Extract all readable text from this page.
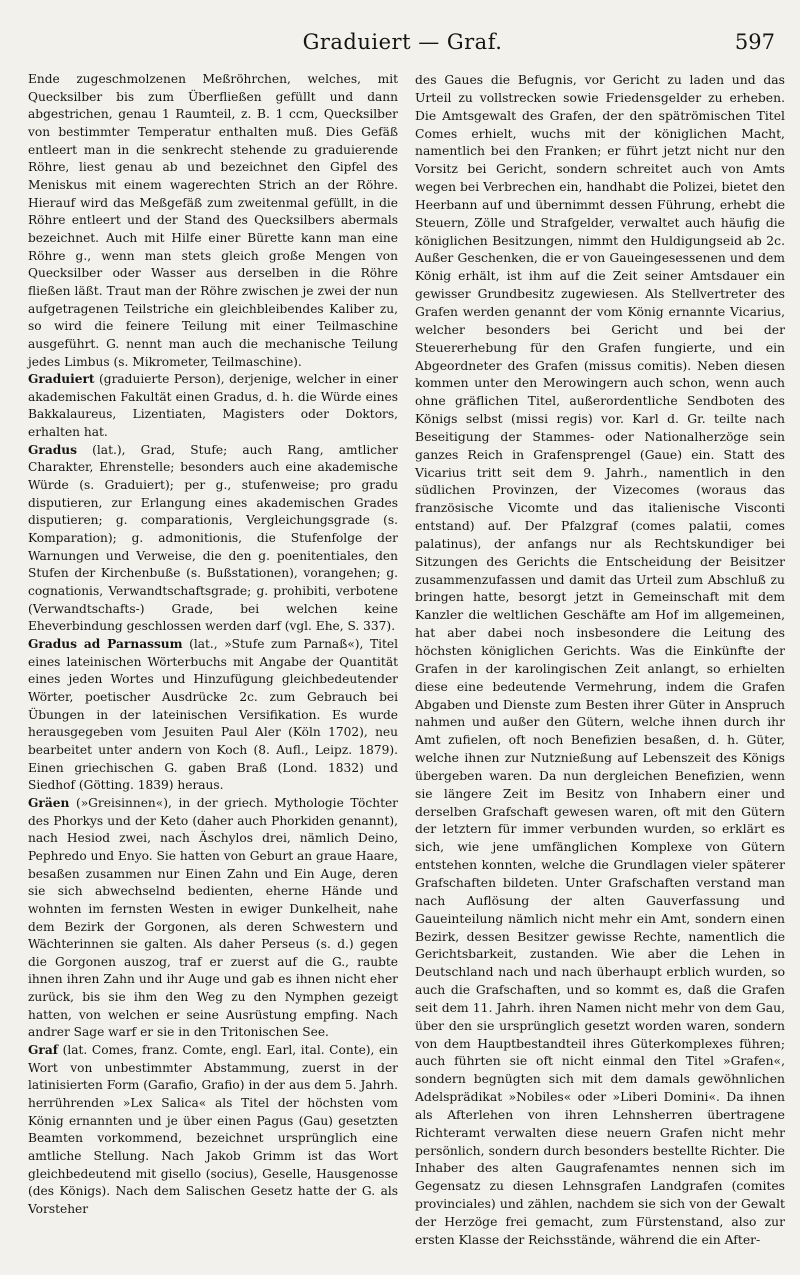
Graduiert — Graf.	597

Ende zugeschmolzenen Meßröhrchen, welches, mit Quecksilber bis zum Überfließen gefüllt und dann abgestrichen, genau 1 Raumteil, z. B. 1 ccm, Quecksilber von bestimmter Temperatur enthalten muß. Dies Gefäß entleert man in die senkrecht stehende zu graduierende Röhre, liest genau ab und bezeichnet den Gipfel des Meniskus mit einem wagerechten Strich an der Röhre. Hierauf wird das Meßgefäß zum zweitenmal gefüllt, in die Röhre entleert und der Stand des Quecksilbers abermals bezeichnet. Auch mit Hilfe einer Bürette kann man eine Röhre g., wenn man stets gleich große Mengen von Quecksilber oder Wasser aus derselben in die Röhre fließen läßt. Traut man der Röhre zwischen je zwei der nun aufgetragenen Teilstriche ein gleichbleibendes Kaliber zu, so wird die feinere Teilung mit einer Teilmaschine ausgeführt. G. nennt man auch die mechanische Teilung jedes Limbus (s. Mikrometer, Teilmaschine).

Graduiert (graduierte Person), derjenige, welcher in einer akademischen Fakultät einen Gradus, d. h. die Würde eines Bakkalaureus, Lizentiaten, Magisters oder Doktors, erhalten hat.

Gradus (lat.), Grad, Stufe; auch Rang, amtlicher Charakter, Ehrenstelle; besonders auch eine akademische Würde (s. Graduiert); per g., stufenweise; pro gradu disputieren, zur Erlangung eines akademischen Grades disputieren; g. comparationis, Vergleichungsgrade (s. Komparation); g. admonitionis, die Stufenfolge der Warnungen und Verweise, die den g. poenitentiales, den Stufen der Kirchenbuße (s. Bußstationen), vorangehen; g. cognationis, Verwandtschaftsgrade; g. prohibiti, verbotene (Verwandtschafts-) Grade, bei welchen keine Eheverbindung geschlossen werden darf (vgl. Ehe, S. 337).

Gradus ad Parnassum (lat., »Stufe zum Parnaß«), Titel eines lateinischen Wörterbuchs mit Angabe der Quantität eines jeden Wortes und Hinzufügung gleichbedeutender Wörter, poetischer Ausdrücke 2c. zum Gebrauch bei Übungen in der lateinischen Versifikation. Es wurde herausgegeben vom Jesuiten Paul Aler (Köln 1702), neu bearbeitet unter andern von Koch (8. Aufl., Leipz. 1879). Einen griechischen G. gaben Braß (Lond. 1832) und Siedhof (Götting. 1839) heraus.

Gräen (»Greisinnen«), in der griech. Mythologie Töchter des Phorkys und der Keto (daher auch Phorkiden genannt), nach Hesiod zwei, nach Äschylos drei, nämlich Deino, Pephredo und Enyo. Sie hatten von Geburt an graue Haare, besaßen zusammen nur Einen Zahn und Ein Auge, deren sie sich abwechselnd bedienten, eherne Hände und wohnten im fernsten Westen in ewiger Dunkelheit, nahe dem Bezirk der Gorgonen, als deren Schwestern und Wächterinnen sie galten. Als daher Perseus (s. d.) gegen die Gorgonen auszog, traf er zuerst auf die G., raubte ihnen ihren Zahn und ihr Auge und gab es ihnen nicht eher zurück, bis sie ihm den Weg zu den Nymphen gezeigt hatten, von welchen er seine Ausrüstung empfing. Nach andrer Sage warf er sie in den Tritonischen See.

Graf (lat. Comes, franz. Comte, engl. Earl, ital. Conte), ein Wort von unbestimmter Abstammung, zuerst in der latinisierten Form (Garafio, Grafio) in der aus dem 5. Jahrh. herrührenden »Lex Salica« als Titel der höchsten vom König ernannten und je über einen Pagus (Gau) gesetzten Beamten vorkommend, bezeichnet ursprünglich eine amtliche Stellung. Nach Jakob Grimm ist das Wort gleichbedeutend mit gisello (socius), Geselle, Hausgenosse (des Königs). Nach dem Salischen Gesetz hatte der G. als Vorsteher

des Gaues die Befugnis, vor Gericht zu laden und das Urteil zu vollstrecken sowie Friedensgelder zu erheben. Die Amtsgewalt des Grafen, der den spätrömischen Titel Comes erhielt, wuchs mit der königlichen Macht, namentlich bei den Franken; er führt jetzt nicht nur den Vorsitz bei Gericht, sondern schreitet auch von Amts wegen bei Verbrechen ein, handhabt die Polizei, bietet den Heerbann auf und übernimmt dessen Führung, erhebt die Steuern, Zölle und Strafgelder, verwaltet auch häufig die königlichen Besitzungen, nimmt den Huldigungseid ab 2c. Außer Geschenken, die er von Gaueingesessenen und dem König erhält, ist ihm auf die Zeit seiner Amtsdauer ein gewisser Grundbesitz zugewiesen. Als Stellvertreter des Grafen werden genannt der vom König ernannte Vicarius, welcher besonders bei Gericht und bei der Steuererhebung für den Grafen fungierte, und ein Abgeordneter des Grafen (missus comitis). Neben diesen kommen unter den Merowingern auch schon, wenn auch ohne gräflichen Titel, außerordentliche Sendboten des Königs selbst (missi regis) vor. Karl d. Gr. teilte nach Beseitigung der Stammes- oder Nationalherzöge sein ganzes Reich in Grafensprengel (Gaue) ein. Statt des Vicarius tritt seit dem 9. Jahrh., namentlich in den südlichen Provinzen, der Vizecomes (woraus das französische Vicomte und das italienische Visconti entstand) auf. Der Pfalzgraf (comes palatii, comes palatinus), der anfangs nur als Rechtskundiger bei Sitzungen des Gerichts die Entscheidung der Beisitzer zusammenzufassen und damit das Urteil zum Abschluß zu bringen hatte, besorgt jetzt in Gemeinschaft mit dem Kanzler die weltlichen Geschäfte am Hof im allgemeinen, hat aber dabei noch insbesondere die Leitung des höchsten königlichen Gerichts. Was die Einkünfte der Grafen in der karolingischen Zeit anlangt, so erhielten diese eine bedeutende Vermehrung, indem die Grafen Abgaben und Dienste zum Besten ihrer Güter in Anspruch nahmen und außer den Gütern, welche ihnen durch ihr Amt zufielen, oft noch Benefizien besaßen, d. h. Güter, welche ihnen zur Nutznießung auf Lebenszeit des Königs übergeben waren. Da nun dergleichen Benefizien, wenn sie längere Zeit im Besitz von Inhabern einer und derselben Grafschaft gewesen waren, oft mit den Gütern der letztern für immer verbunden wurden, so erklärt es sich, wie jene umfänglichen Komplexe von Gütern entstehen konnten, welche die Grundlagen vieler späterer Grafschaften bildeten. Unter Grafschaften verstand man nach Auflösung der alten Gauverfassung und Gaueinteilung nämlich nicht mehr ein Amt, sondern einen Bezirk, dessen Besitzer gewisse Rechte, namentlich die Gerichtsbarkeit, zustanden. Wie aber die Lehen in Deutschland nach und nach überhaupt erblich wurden, so auch die Grafschaften, und so kommt es, daß die Grafen seit dem 11. Jahrh. ihren Namen nicht mehr von dem Gau, über den sie ursprünglich gesetzt worden waren, sondern von dem Hauptbestandteil ihres Güterkomplexes führen; auch führten sie oft nicht einmal den Titel »Grafen«, sondern begnügten sich mit dem damals gewöhnlichen Adelsprädikat »Nobiles« oder »Liberi Domini«. Da ihnen als Afterlehen von ihren Lehnsherren übertragene Richteramt verwalten diese neuern Grafen nicht mehr persönlich, sondern durch besonders bestellte Richter. Die Inhaber des alten Gaugrafenamtes nennen sich im Gegensatz zu diesen Lehnsgrafen Landgrafen (comites provinciales) und zählen, nachdem sie sich von der Gewalt der Herzöge frei gemacht, zum Fürstenstand, also zur ersten Klasse der Reichsstände, während die ein After-
